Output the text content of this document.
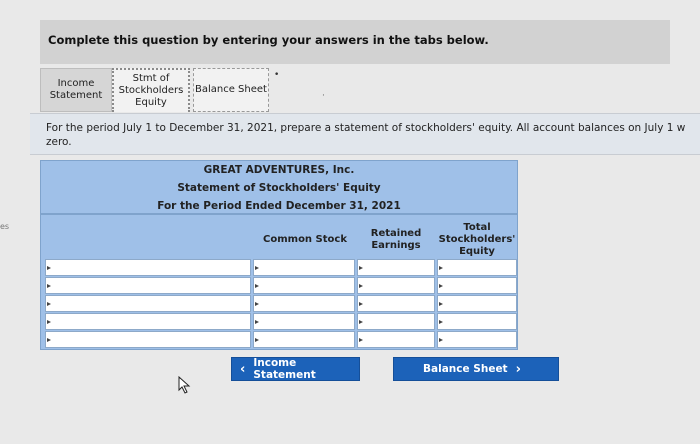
es
Complete this question by entering your answers in the tabs below.
Income
Statement
Stmt of
Stockholders
Equity
Balance Sheet
•
·
For the period July 1 to December 31, 2021, prepare a statement of stockholders' equity. All account balances on July 1 w
zero.
GREAT ADVENTURES, Inc.
Statement of Stockholders' Equity
For the Period Ended December 31, 2021
Common Stock
Retained
Earnings
Total
Stockholders'
Equity
‹ Income Statement	Balance Sheet ›
